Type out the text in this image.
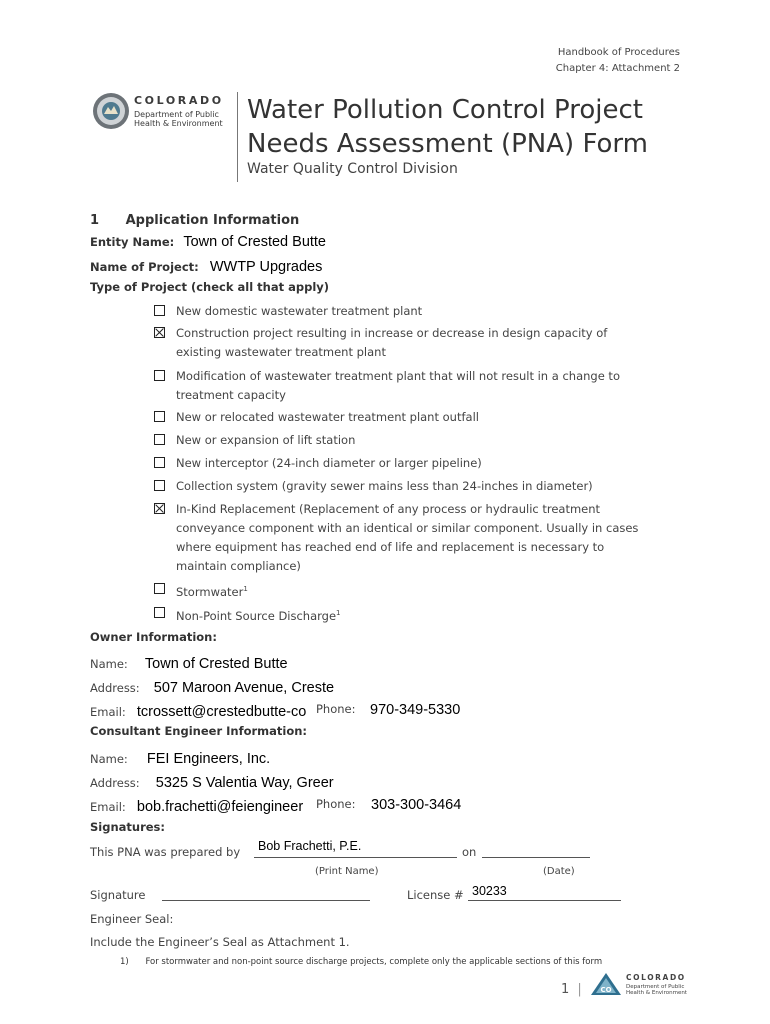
Handbook of Procedures
Chapter 4: Attachment 2
COLORADO
Department of Public
Health & Environment Water Pollution Control Project
Needs Assessment (PNA) Form
Water Quality Control Division
1 Application Information
Entity Name: Town of Crested Butte
Name of Project: WWTP Upgrades
Type of Project (check all that apply)
New domestic wastewater treatment plant
Construction project resulting in increase or decrease in design capacity of
existing wastewater treatment plant
Modification of wastewater treatment plant that will not result in a change to
treatment capacity
New or relocated wastewater treatment plant outfall
New or expansion of lift station
New interceptor (24-inch diameter or larger pipeline)
Collection system (gravity sewer mains less than 24-inches in diameter)
In-Kind Replacement (Replacement of any process or hydraulic treatment
conveyance component with an identical or similar component. Usually in cases
where equipment has reached end of life and replacement is necessary to
maintain compliance)
Stormwater$^1$
Non-Point Source Discharge$^1$
Owner Information:
Name: Town of Crested Butte
Address: 507 Maroon Avenue, Creste
Email: tcrossett@crestedbutte-co Phone: 970-349-5330
Consultant Engineer Information:
Name: FEI Engineers, Inc.
Address: 5325 S Valentia Way, Greer
Email: bob.frachetti@feiengineer Phone: 303-300-3464
Signatures:
This PNA was prepared by Bob Frachetti, P.E.	on
(Print Name)	(Date)
Signature	License # 30233
Engineer Seal:
Include the Engineer’s Seal as Attachment 1.
1) For stormwater and non-point source discharge projects, complete only the applicable sections of this form
1 |	CO
COLORADO
Department of Public
Health & Environment
